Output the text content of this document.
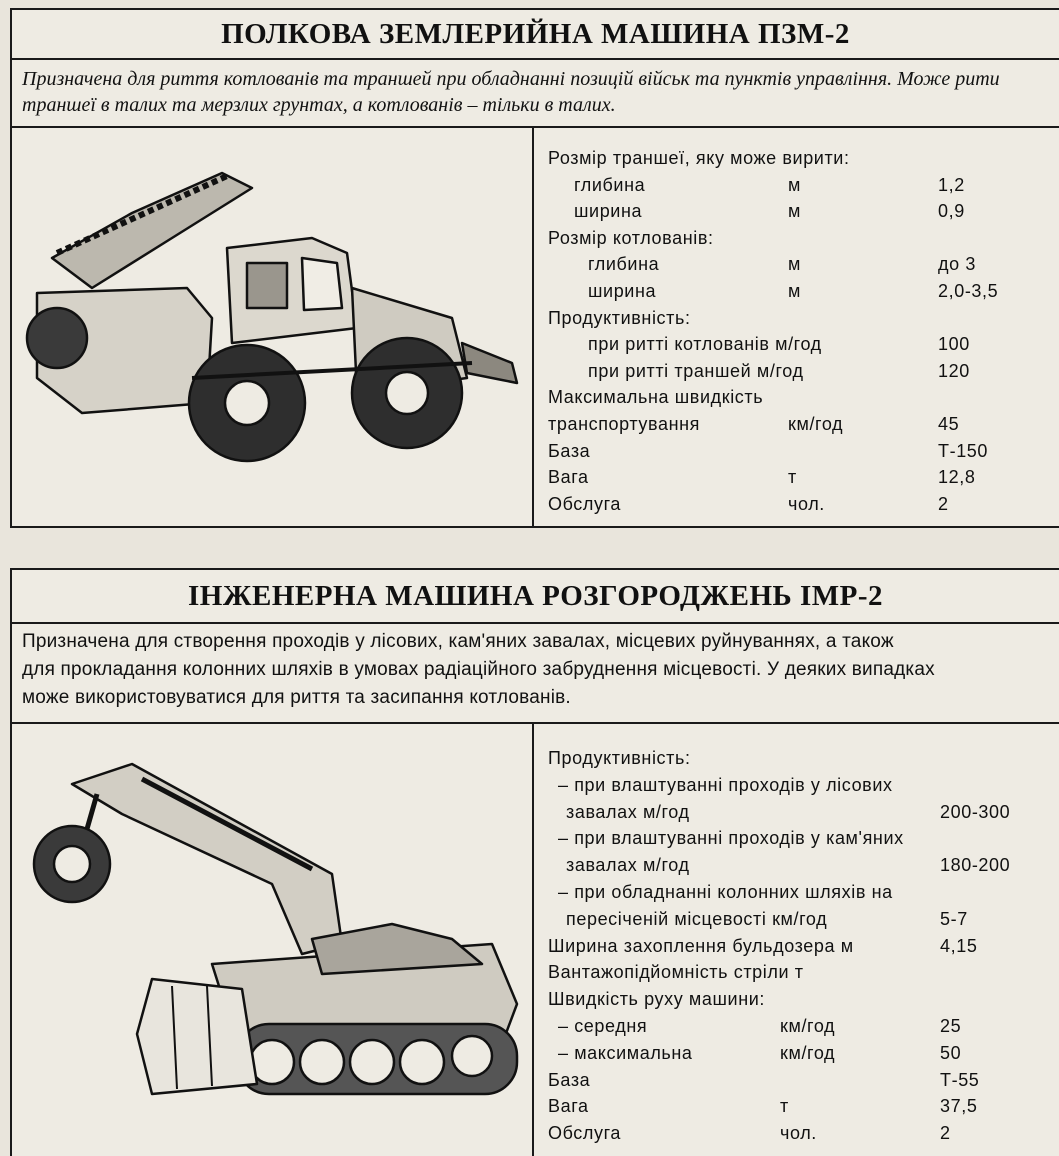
ПОЛКОВА ЗЕМЛЕРИЙНА МАШИНА ПЗМ-2
Призначена для риття котлованів та траншей при обладнанні позицій військ та пунктів управління. Може рити траншеї в талих та мерзлих грунтах, а котлованів – тільки в талих.
Розмір траншеї, яку може вирити:
глибина	м	1,2
ширина	м	0,9
Розмір котлованів:
глибина	м	до 3
ширина	м	2,0-3,5
Продуктивність:
при ритті котлованів м/год	100
при ритті траншей м/год	120
Максимальна швидкість
транспортування	км/год	45
База	Т-150
Вага	т	12,8
Обслуга	чол.	2
ІНЖЕНЕРНА МАШИНА РОЗГОРОДЖЕНЬ ІМР-2
Призначена для створення проходів у лісових, кам'яних завалах, місцевих руйнуваннях, а також
для прокладання колонних шляхів в умовах радіаційного забруднення місцевості. У деяких випадках
може використовуватися для риття та засипання котлованів.
Продуктивність:
– при влаштуванні проходів у лісових
завалах м/год	200-300
– при влаштуванні проходів у кам'яних
завалах м/год	180-200
– при обладнанні колонних шляхів на
пересіченій місцевості км/год	5-7
Ширина захоплення бульдозера м	4,15
Вантажопідйомність стріли т
Швидкість руху машини:
– середня	км/год	25
– максимальна	км/год	50
База	Т-55
Вага	т	37,5
Обслуга	чол.	2
